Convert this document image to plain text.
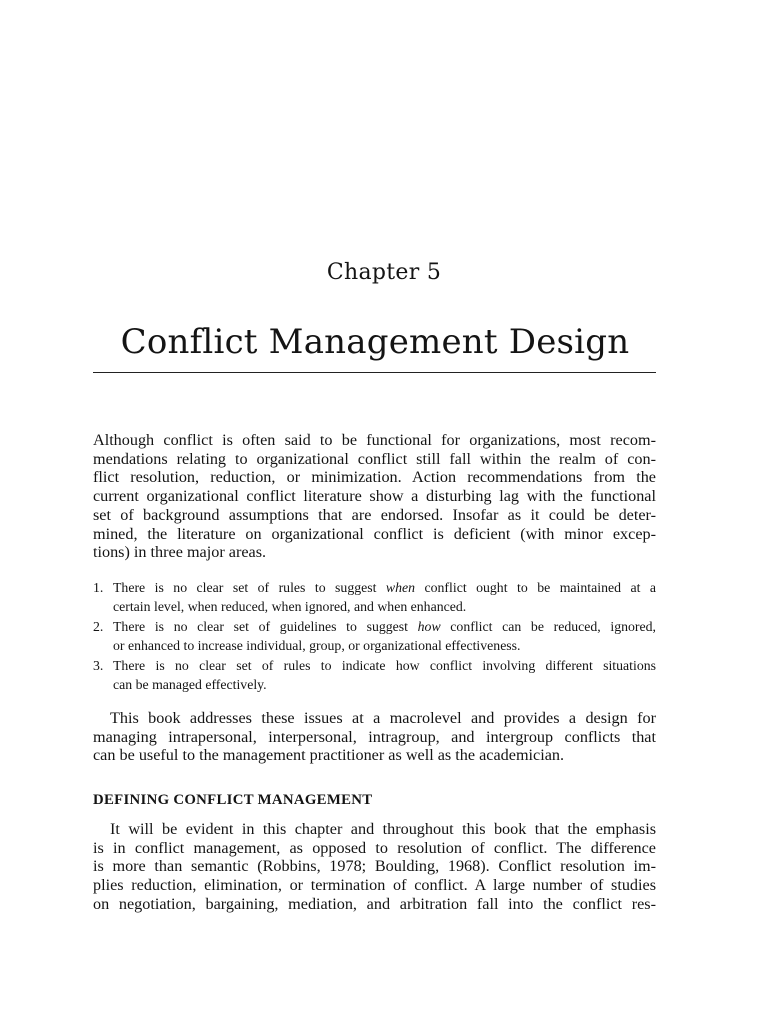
Chapter 5
Conflict Management Design
Although conflict is often said to be functional for organizations, most recom-
mendations relating to organizational conflict still fall within the realm of con-
flict resolution, reduction, or minimization. Action recommendations from the
current organizational conflict literature show a disturbing lag with the functional
set of background assumptions that are endorsed. Insofar as it could be deter-
mined, the literature on organizational conflict is deficient (with minor excep-
tions) in three major areas.
1. There is no clear set of rules to suggest when conflict ought to be maintained at a
certain level, when reduced, when ignored, and when enhanced.
2. There is no clear set of guidelines to suggest how conflict can be reduced, ignored,
or enhanced to increase individual, group, or organizational effectiveness.
3. There is no clear set of rules to indicate how conflict involving different situations
can be managed effectively.
This book addresses these issues at a macrolevel and provides a design for
managing intrapersonal, interpersonal, intragroup, and intergroup conflicts that
can be useful to the management practitioner as well as the academician.
DEFINING CONFLICT MANAGEMENT
It will be evident in this chapter and throughout this book that the emphasis
is in conflict management, as opposed to resolution of conflict. The difference
is more than semantic (Robbins, 1978; Boulding, 1968). Conflict resolution im-
plies reduction, elimination, or termination of conflict. A large number of studies
on negotiation, bargaining, mediation, and arbitration fall into the conflict res-
